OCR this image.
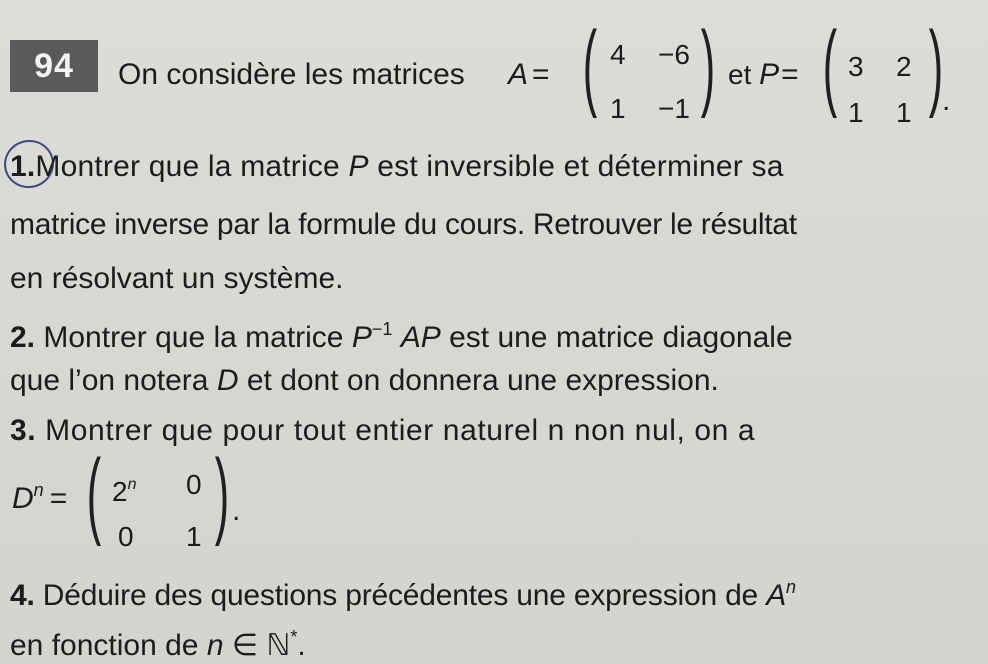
94	On considère les matrices A = ( 4 −6
1 −1 ) et P= ( 3 2
1 1 )
.
1.Montrer que la matrice P est inversible et déterminer sa
matrice inverse par la formule du cours. Retrouver le résultat
en résolvant un système.
2. Montrer que la matrice $P^{-1}$ AP est une matrice diagonale
que l’on notera D et dont on donnera une expression.
3. Montrer que pour tout entier naturel n non nul, on a
$D^n$ = ( 2$^n$ 0
0 1 ) .
4. Déduire des questions précédentes une expression de $A^n$
en fonction de n ∈ ℕ*.
